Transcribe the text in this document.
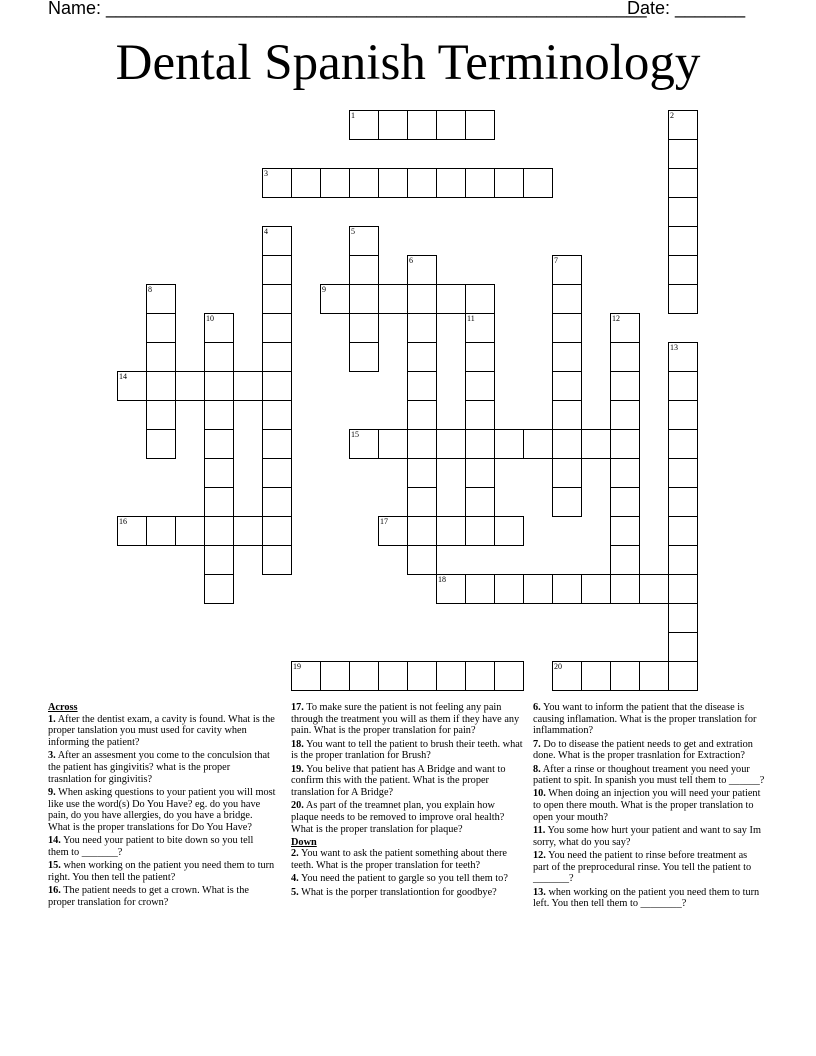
Name: ______________________________________________________
Date: _______
Dental Spanish Terminology
1	2
3
4	5
6	7
8	9
10	11	12
13
14
15
16	17
18
19	20

Across

1. After the dentist exam, a cavity is found. What is the proper tanslation you must used for cavity when informing the patient?

3. After an assesment you come to the conculsion that the patient has gingivitis? what is the proper trasnlation for gingivitis?

9. When asking questions to your patient you will most like use the word(s) Do You Have? eg. do you have pain, do you have allergies, do you have a bridge. What is the proper translations for Do You Have?

14. You need your patient to bite down so you tell them to _______?

15. when working on the patient you need them to turn right. You then tell the patient?

16. The patient needs to get a crown. What is the proper translation for crown?

17. To make sure the patient is not feeling any pain through the treatment you will as them if they have any pain. What is the proper translation for pain?

18. You want to tell the patient to brush their teeth. what is the proper tranlation for Brush?

19. You belive that patient has A Bridge and want to confirm this with the patient. What is the proper translation for A Bridge?

20. As part of the treamnet plan, you explain how plaque needs to be removed to improve oral health? What is the proper translation for plaque?

Down

2. You want to ask the patient something about there teeth. What is the proper translation for teeth?

4. You need the patient to gargle so you tell them to?

5. What is the porper translationtion for goodbye?

6. You want to inform the patient that the disease is causing inflamation. What is the proper translation for inflammation?

7. Do to disease the patient needs to get and extration done. What is the proper trasnlation for Extraction?

8. After a rinse or thoughout treament you need your patient to spit. In spanish you must tell them to ______?

10. When doing an injection you will need your patient to open there mouth. What is the proper translation to open your mouth?

11. You some how hurt your patient and want to say Im sorry, what do you say?

12. You need the patient to rinse before treatment as part of the preprocedural rinse. You tell the patient to _______?

13. when working on the patient you need them to turn left. You then tell them to ________?
